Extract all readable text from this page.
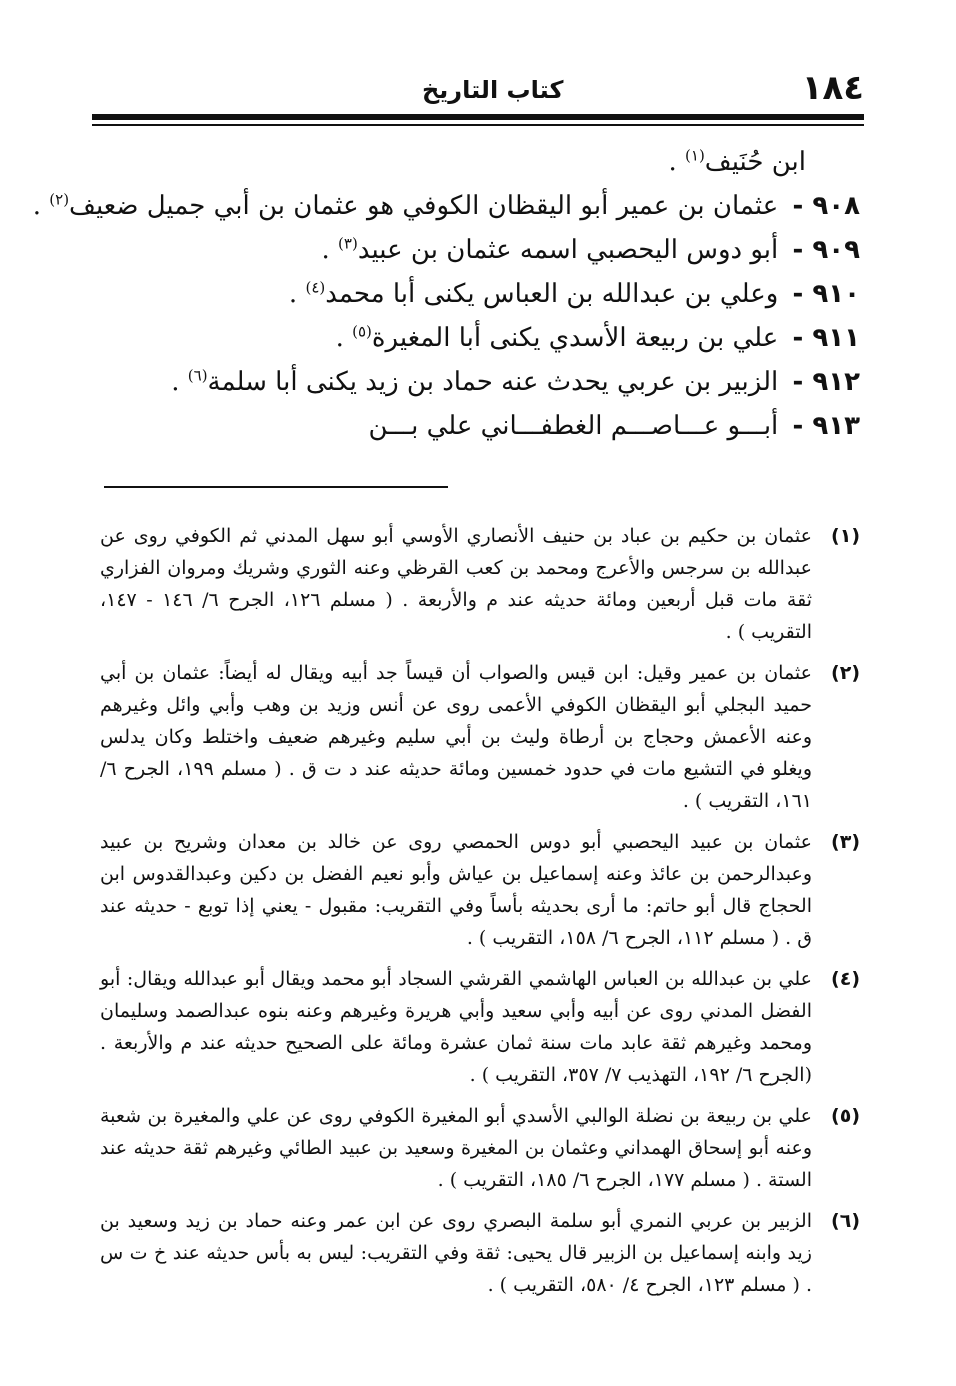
١٨٤
كتاب التاريخ
ابن حُنَيف$^{(١)}$ .
٩٠٨ - عثمان بن عمير أبو اليقظان الكوفي هو عثمان بن أبي جميل ضعيف$^{(٢)}$ .
٩٠٩ - أبو دوس اليحصبي اسمه عثمان بن عبيد$^{(٣)}$ .
٩١٠ - وعلي بن عبدالله بن العباس يكنى أبا محمد$^{(٤)}$ .
٩١١ - علي بن ربيعة الأسدي يكنى أبا المغيرة$^{(٥)}$ .
٩١٢ - الزبير بن عربي يحدث عنه حماد بن زيد يكنى أبا سلمة$^{(٦)}$ .
٩١٣ - أبـــو عـــاصـــم الغطفـــاني علي بـــن
(١)
عثمان بن حكيم بن عباد بن حنيف الأنصاري الأوسي أبو سهل المدني ثم الكوفي روى عن عبدالله بن سرجس والأعرج ومحمد بن كعب القرظي وعنه الثوري وشريك ومروان الفزاري ثقة مات قبل أربعين ومائة حديثه عند م والأربعة . ( مسلم ١٢٦، الجرح ٦/ ١٤٦ - ١٤٧، التقريب ) .
(٢)
عثمان بن عمير وقيل: ابن قيس والصواب أن قيساً جد أبيه ويقال له أيضاً: عثمان بن أبي حميد البجلي أبو اليقظان الكوفي الأعمى روى عن أنس وزيد بن وهب وأبي وائل وغيرهم وعنه الأعمش وحجاج بن أرطاة وليث بن أبي سليم وغيرهم ضعيف واختلط وكان يدلس ويغلو في التشيع مات في حدود خمسين ومائة حديثه عند د ت ق . ( مسلم ١٩٩، الجرح ٦/ ١٦١، التقريب ) .
(٣)
عثمان بن عبيد اليحصبي أبو دوس الحمصي روى عن خالد بن معدان وشريح بن عبيد وعبدالرحمن بن عائذ وعنه إسماعيل بن عياش وأبو نعيم الفضل بن دكين وعبدالقدوس ابن الحجاج قال أبو حاتم: ما أرى بحديثه بأساً وفي التقريب: مقبول - يعني إذا توبع - حديثه عند ق . ( مسلم ١١٢، الجرح ٦/ ١٥٨، التقريب ) .
(٤)
علي بن عبدالله بن العباس الهاشمي القرشي السجاد أبو محمد ويقال أبو عبدالله ويقال: أبو الفضل المدني روى عن أبيه وأبي سعيد وأبي هريرة وغيرهم وعنه بنوه عبدالصمد وسليمان ومحمد وغيرهم ثقة عابد مات سنة ثمان عشرة ومائة على الصحيح حديثه عند م والأربعة . (الجرح ٦/ ١٩٢، التهذيب ٧/ ٣٥٧، التقريب ) .
(٥)
علي بن ربيعة بن نضلة الوالبي الأسدي أبو المغيرة الكوفي روى عن علي والمغيرة بن شعبة وعنه أبو إسحاق الهمداني وعثمان بن المغيرة وسعيد بن عبيد الطائي وغيرهم ثقة حديثه عند الستة . ( مسلم ١٧٧، الجرح ٦/ ١٨٥، التقريب ) .
(٦)
الزبير بن عربي النمري أبو سلمة البصري روى عن ابن عمر وعنه حماد بن زيد وسعيد بن زيد وابنه إسماعيل بن الزبير قال يحيى: ثقة وفي التقريب: ليس به بأس حديثه عند خ ت س . ( مسلم ١٢٣، الجرح ٤/ ٥٨٠، التقريب ) .
